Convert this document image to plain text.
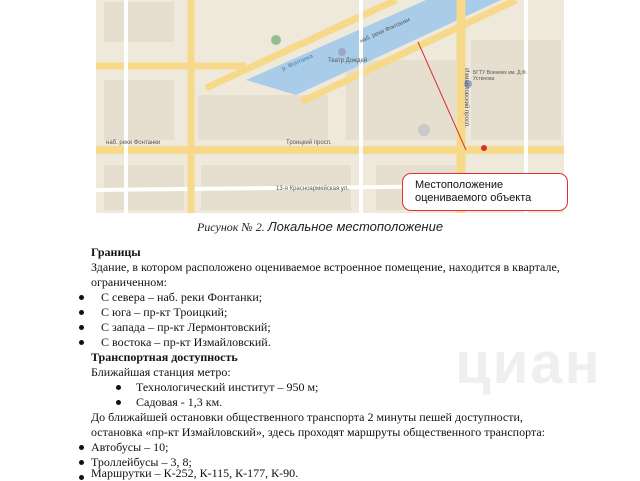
наб. реки Фонтанки
наб. реки Фонтанки
Театр Дождей
Троицкий просп.
13-я Красноармейская ул.
Измайловский просп. БГТУ Военмех им. Д.Ф. Устинова
р. Фонтанка
Местоположение
оцениваемого объекта
Рисунок № 2. Локальное местоположение
Границы
Здание, в котором расположено оцениваемое встроенное помещение, находится в квартале,
ограниченном:
С севера – наб. реки Фонтанки;
С юга – пр-кт Троицкий;
С запада – пр-кт Лермонтовский;
С востока – пр-кт Измайловский.
Транспортная доступность
Ближайшая станция метро:
Технологический институт – 950 м;
Садовая - 1,3 км.
До ближайшей остановки общественного транспорта 2 минуты пешей доступности,
остановка «пр-кт Измайловский», здесь проходят маршруты общественного транспорта:
Автобусы – 10;
Троллейбусы – 3, 8;
Маршрутки – К-252, К-115, К-177, К-90.
циан
